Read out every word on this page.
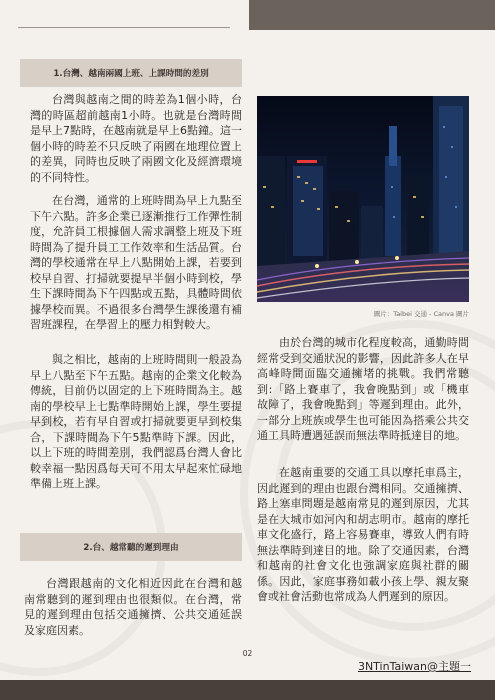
1.台灣、越南兩國上班、上課時間的差別

台灣與越南之間的時差為1個小時，台灣的時區超前越南1小時。也就是台灣時間是早上7點時，在越南就是早上6點鐘。這一個小時的時差不只反映了兩國在地理位置上的差異，同時也反映了兩國文化及經濟環境的不同特性。

在台灣，通常的上班時間為早上九點至下午六點。許多企業已逐漸推行工作彈性制度，允許員工根據個人需求調整上班及下班時間為了提升員工工作效率和生活品質。台灣的學校通常在早上八點開始上課，若要到校早自習、打掃就要提早半個小時到校，學生下課時間為下午四點或五點，具體時間依據學校而異。不過很多台灣學生課後還有補習班課程，在學習上的壓力相對較大。

與之相比，越南的上班時間則一般設為早上八點至下午五點。越南的企業文化較為傳統，目前仍以固定的上下班時間為主。越南的學校早上七點準時開始上課，學生要提早到校，若有早自習或打掃就要更早到校集合，下課時間為下午5點準時下課。因此，以上下班的時間差別，我們認爲台灣人會比較幸福一點因爲每天可不用太早起來忙碌地準備上班上課。

2.台、越常聽的遲到理由

台灣跟越南的文化相近因此在台灣和越南常聽到的遲到理由也很類似。在台灣，常見的遲到理由包括交通擁擠、公共交通延誤及家庭因素。

圖片：Taibei 交通 - Canva 圖片

由於台灣的城市化程度較高，通勤時間經常受到交通狀況的影響，因此許多人在早高峰時間面臨交通擁堵的挑戰。我們常聽到:「路上賽車了，我會晚點到」或「機車故障了，我會晚點到」等遲到理由。此外，一部分上班族或學生也可能因為搭乘公共交通工具時遭遇延誤而無法準時抵達目的地。

在越南重要的交通工具以摩托車爲主，因此遲到的理由也跟台灣相同。交通擁擠、路上塞車問題是越南常見的遲到原因，尤其是在大城市如河內和胡志明市。越南的摩托車文化盛行，路上容易賽車，導致人們有時無法準時到達目的地。除了交通因素，台灣和越南的社會文化也強調家庭與社群的關係。因此，家庭事務如載小孩上學、親友聚會或社會活動也常成為人們遲到的原因。

02
3NTinTaiwan@主題一
